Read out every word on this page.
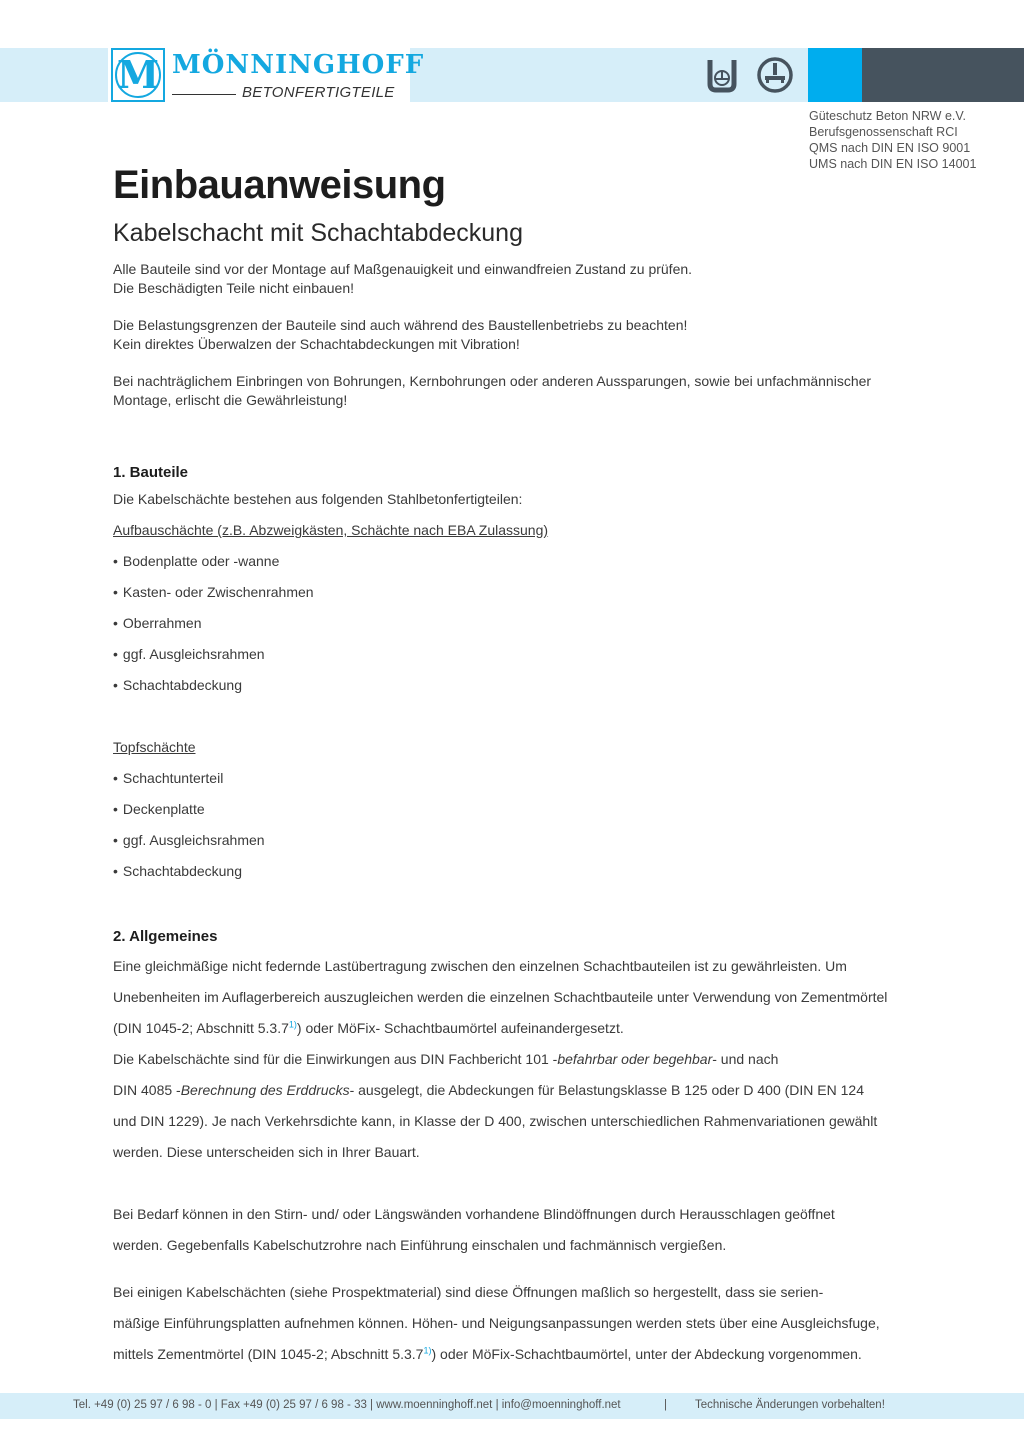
M MÖNNINGHOFF
BETONFERTIGTEILE
Güteschutz Beton NRW e.V.
Berufsgenossenschaft RCI
QMS nach DIN EN ISO 9001
UMS nach DIN EN ISO 14001
Einbauanweisung
Kabelschacht mit Schachtabdeckung

Alle Bauteile sind vor der Montage auf Maßgenauigkeit und einwandfreien Zustand zu prüfen.
Die Beschädigten Teile nicht einbauen!

Die Belastungsgrenzen der Bauteile sind auch während des Baustellenbetriebs zu beachten!
Kein direktes Überwalzen der Schachtabdeckungen mit Vibration!

Bei nachträglichem Einbringen von Bohrungen, Kernbohrungen oder anderen Aussparungen, sowie bei unfachmännischer
Montage, erlischt die Gewährleistung!

1. Bauteile
Die Kabelschächte bestehen aus folgenden Stahlbetonfertigteilen:
Aufbauschächte (z.B. Abzweigkästen, Schächte nach EBA Zulassung)
• Bodenplatte oder -wanne
• Kasten- oder Zwischenrahmen
• Oberrahmen
• ggf. Ausgleichsrahmen
• Schachtabdeckung
Topfschächte
• Schachtunterteil
• Deckenplatte
• ggf. Ausgleichsrahmen
• Schachtabdeckung
2. Allgemeines

Eine gleichmäßige nicht federnde Lastübertragung zwischen den einzelnen Schachtbauteilen ist zu gewährleisten. Um
Unebenheiten im Auflagerbereich auszugleichen werden die einzelnen Schachtbauteile unter Verwendung von Zementmörtel
(DIN 1045-2; Abschnitt 5.3.7$^{1)}$) oder MöFix- Schachtbaumörtel aufeinandergesetzt.

Die Kabelschächte sind für die Einwirkungen aus DIN Fachbericht 101 -befahrbar oder begehbar- und nach
DIN 4085 -Berechnung des Erddrucks- ausgelegt, die Abdeckungen für Belastungsklasse B 125 oder D 400 (DIN EN 124
und DIN 1229). Je nach Verkehrsdichte kann, in Klasse der D 400, zwischen unterschiedlichen Rahmenvariationen gewählt
werden. Diese unterscheiden sich in Ihrer Bauart.

Bei Bedarf können in den Stirn- und/ oder Längswänden vorhandene Blindöffnungen durch Herausschlagen geöffnet
werden. Gegebenfalls Kabelschutzrohre nach Einführung einschalen und fachmännisch vergießen.

Bei einigen Kabelschächten (siehe Prospektmaterial) sind diese Öffnungen maßlich so hergestellt, dass sie serien-
mäßige Einführungsplatten aufnehmen können. Höhen- und Neigungsanpassungen werden stets über eine Ausgleichsfuge,
mittels Zementmörtel (DIN 1045-2; Abschnitt 5.3.7$^{1)}$) oder MöFix-Schachtbaumörtel, unter der Abdeckung vorgenommen.

Tel. +49 (0) 25 97 / 6 98 - 0 | Fax +49 (0) 25 97 / 6 98 - 33 | www.moenninghoff.net | info@moenninghoff.net	| Technische Änderungen vorbehalten!
